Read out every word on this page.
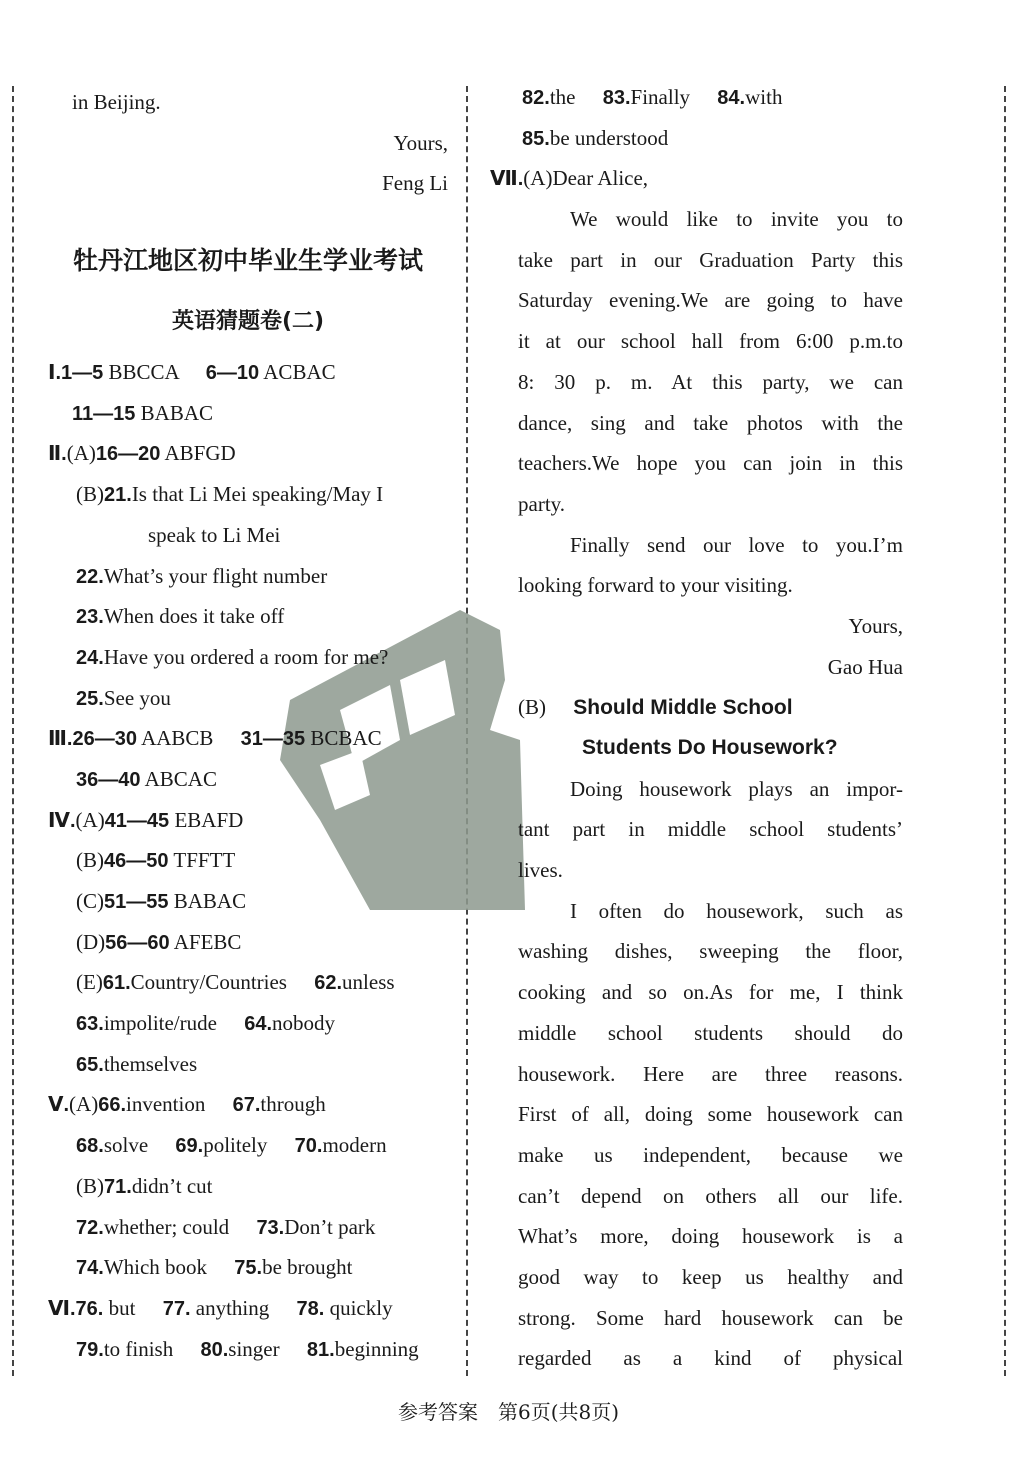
in Beijing.
Yours,
Feng Li
牡丹江地区初中毕业生学业考试
英语猜题卷(二)
Ⅰ.1—5 BBCCA 6—10 ACBAC
11—15 BABAC
Ⅱ.(A)16—20 ABFGD
(B)21.Is that Li Mei speaking/May I
speak to Li Mei
22.What’s your flight number
23.When does it take off
24.Have you ordered a room for me?
25.See you
Ⅲ.26—30 AABCB 31—35 BCBAC
36—40 ABCAC
Ⅳ.(A)41—45 EBAFD
(B)46—50 TFFTT
(C)51—55 BABAC
(D)56—60 AFEBC
(E)61.Country/Countries 62.unless
63.impolite/rude 64.nobody
65.themselves
Ⅴ.(A)66.invention 67.through
68.solve 69.politely 70.modern
(B)71.didn’t cut
72.whether; could 73.Don’t park
74.Which book 75.be brought
Ⅵ.76. but 77. anything 78. quickly
79.to finish 80.singer 81.beginning
82.the 83.Finally 84.with
85.be understood
Ⅶ.(A)Dear Alice,
We would like to invite you to
take part in our Graduation Party this
Saturday evening.We are going to have
it at our school hall from 6:00 p.m.to
8: 30 p. m. At this party, we can
dance, sing and take photos with the
teachers.We hope you can join in this
party.
Finally send our love to you.I’m
looking forward to your visiting.
Yours,
Gao Hua
(B) Should Middle School
Students Do Housework?
Doing housework plays an impor-
tant part in middle school students’
lives.
I often do housework, such as
washing dishes, sweeping the floor,
cooking and so on.As for me, I think
middle school students should do
housework. Here are three reasons.
First of all, doing some housework can
make us independent, because we
can’t depend on others all our life.
What’s more, doing housework is a
good way to keep us healthy and
strong. Some hard housework can be
regarded as a kind of physical
参考答案　第6页(共8页)
